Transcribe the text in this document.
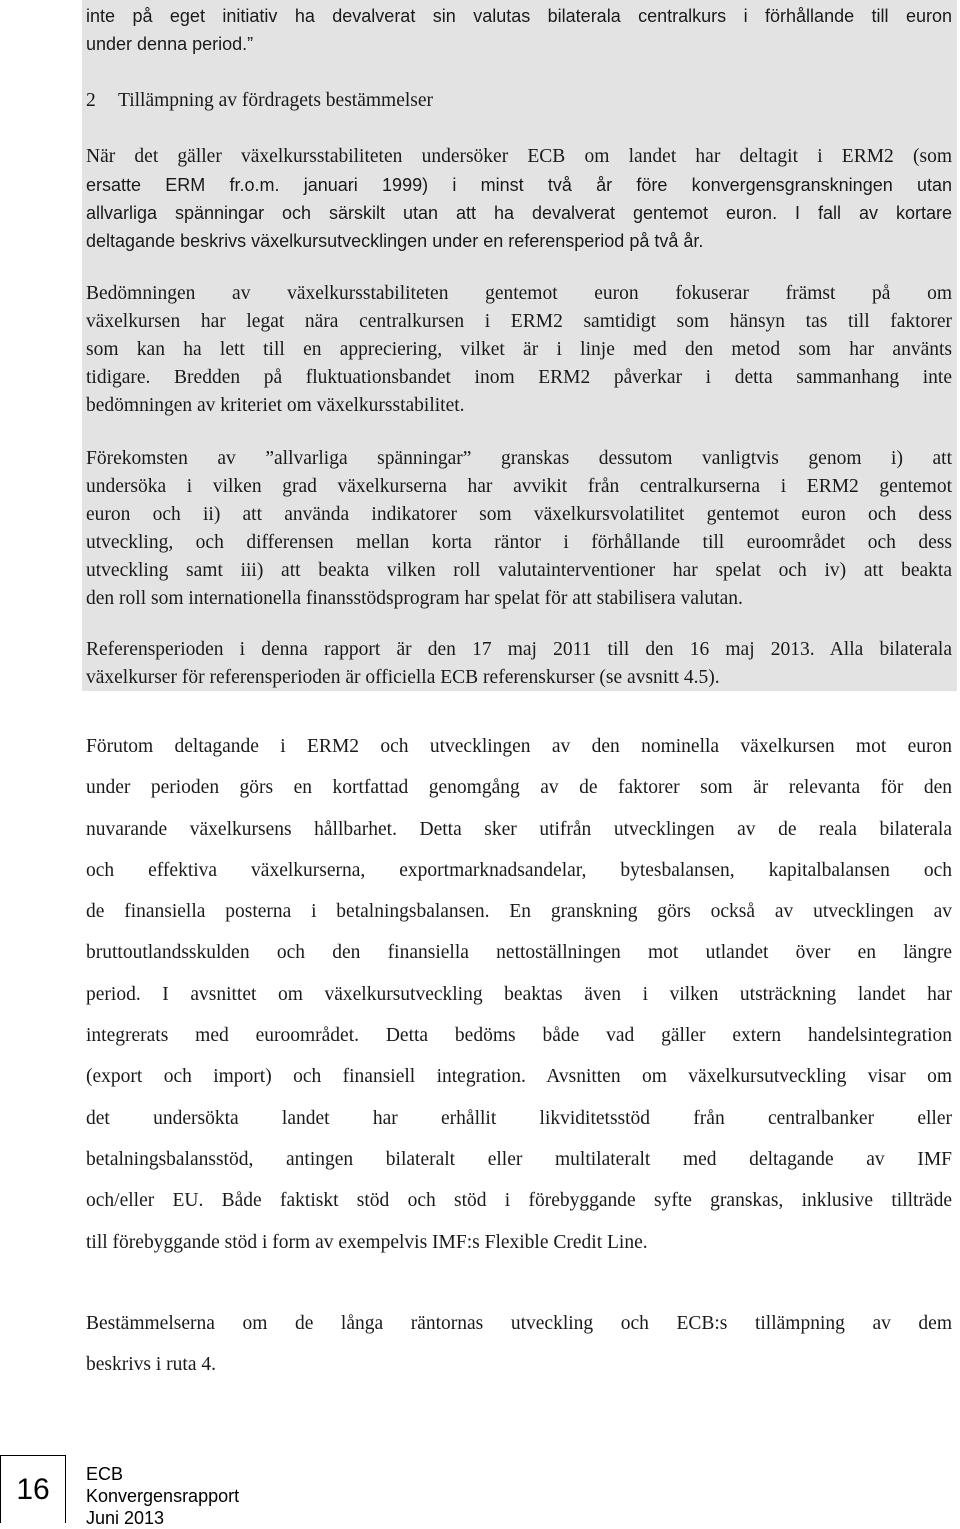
inte på eget initiativ ha devalverat sin valutas bilaterala centralkurs i förhållande till euron
under denna period.”
2 Tillämpning av fördragets bestämmelser
När det gäller växelkursstabiliteten undersöker ECB om landet har deltagit i ERM2 (som
ersatte ERM fr.o.m. januari 1999) i minst två år före konvergensgranskningen utan
allvarliga spänningar och särskilt utan att ha devalverat gentemot euron. I fall av kortare
deltagande beskrivs växelkursutvecklingen under en referensperiod på två år.
Bedömningen av växelkursstabiliteten gentemot euron fokuserar främst på om
växelkursen har legat nära centralkursen i ERM2 samtidigt som hänsyn tas till faktorer
som kan ha lett till en appreciering, vilket är i linje med den metod som har använts
tidigare. Bredden på fluktuationsbandet inom ERM2 påverkar i detta sammanhang inte
bedömningen av kriteriet om växelkursstabilitet.
Förekomsten av ”allvarliga spänningar” granskas dessutom vanligtvis genom i) att
undersöka i vilken grad växelkurserna har avvikit från centralkurserna i ERM2 gentemot
euron och ii) att använda indikatorer som växelkursvolatilitet gentemot euron och dess
utveckling, och differensen mellan korta räntor i förhållande till euroområdet och dess
utveckling samt iii) att beakta vilken roll valutainterventioner har spelat och iv) att beakta
den roll som internationella finansstödsprogram har spelat för att stabilisera valutan.
Referensperioden i denna rapport är den 17 maj 2011 till den 16 maj 2013. Alla bilaterala
växelkurser för referensperioden är officiella ECB referenskurser (se avsnitt 4.5).
Förutom deltagande i ERM2 och utvecklingen av den nominella växelkursen mot euron
under perioden görs en kortfattad genomgång av de faktorer som är relevanta för den
nuvarande växelkursens hållbarhet. Detta sker utifrån utvecklingen av de reala bilaterala
och effektiva växelkurserna, exportmarknadsandelar, bytesbalansen, kapitalbalansen och
de finansiella posterna i betalningsbalansen. En granskning görs också av utvecklingen av
bruttoutlandsskulden och den finansiella nettoställningen mot utlandet över en längre
period. I avsnittet om växelkursutveckling beaktas även i vilken utsträckning landet har
integrerats med euroområdet. Detta bedöms både vad gäller extern handelsintegration
(export och import) och finansiell integration. Avsnitten om växelkursutveckling visar om
det undersökta landet har erhållit likviditetsstöd från centralbanker eller
betalningsbalansstöd, antingen bilateralt eller multilateralt med deltagande av IMF
och/eller EU. Både faktiskt stöd och stöd i förebyggande syfte granskas, inklusive tillträde
till förebyggande stöd i form av exempelvis IMF:s Flexible Credit Line.
Bestämmelserna om de långa räntornas utveckling och ECB:s tillämpning av dem
beskrivs i ruta 4.
16	ECB
Konvergensrapport
Juni 2013
